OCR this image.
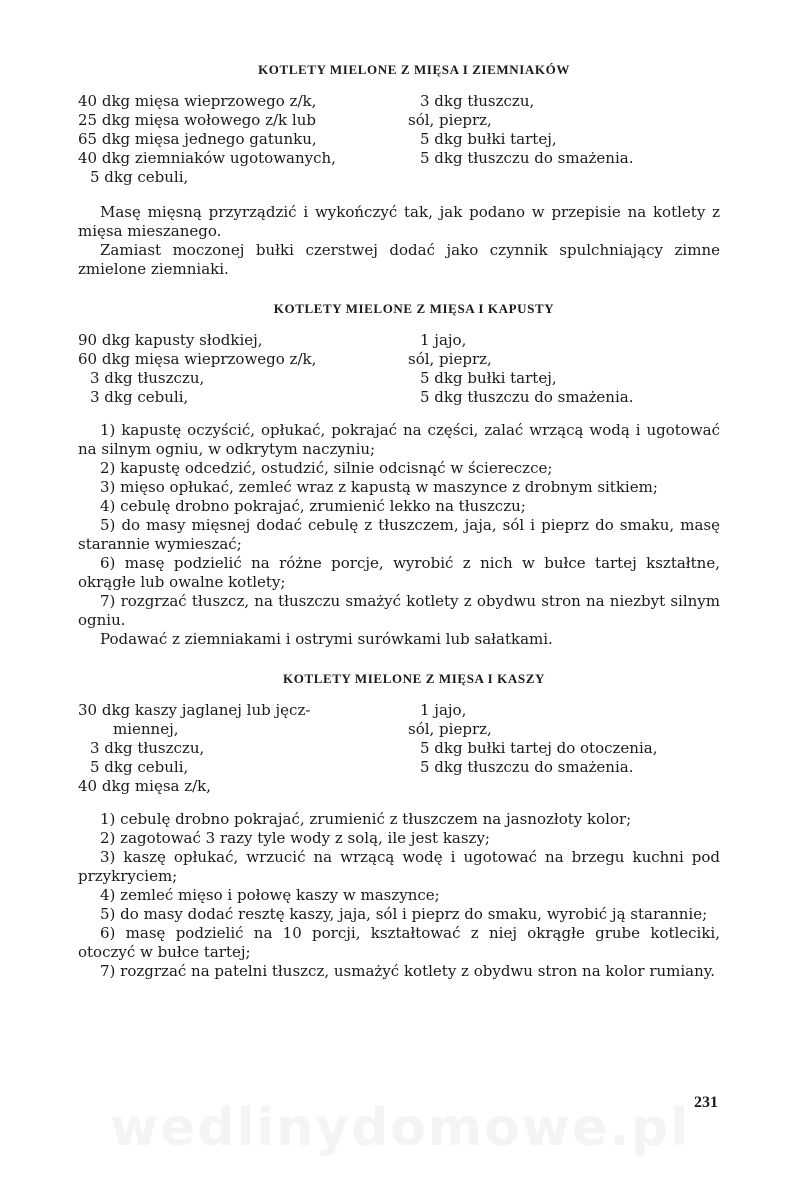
KOTLETY MIELONE Z MIĘSA I ZIEMNIAKÓW

40 dkg mięsa wieprzowego z/k,
25 dkg mięsa wołowego z/k lub
65 dkg mięsa jednego gatunku,
40 dkg ziemniaków ugotowanych,
5 dkg cebuli,
3 dkg tłuszczu,
sól, pieprz,
5 dkg bułki tartej,
5 dkg tłuszczu do smażenia.

Masę mięsną przyrządzić i wykończyć tak, jak podano w przepisie na kotlety z mięsa mieszanego.

Zamiast moczonej bułki czerstwej dodać jako czynnik spulchniający zimne zmielone ziemniaki.

KOTLETY MIELONE Z MIĘSA I KAPUSTY

90 dkg kapusty słodkiej,
60 dkg mięsa wieprzowego z/k,
3 dkg tłuszczu,
3 dkg cebuli,
1 jajo,
sól, pieprz,
5 dkg bułki tartej,
5 dkg tłuszczu do smażenia.

1) kapustę oczyścić, opłukać, pokrajać na części, zalać wrzącą wodą i ugotować na silnym ogniu, w odkrytym naczyniu;

2) kapustę odcedzić, ostudzić, silnie odcisnąć w ściereczce;

3) mięso opłukać, zemleć wraz z kapustą w maszynce z drobnym sitkiem;

4) cebulę drobno pokrajać, zrumienić lekko na tłuszczu;

5) do masy mięsnej dodać cebulę z tłuszczem, jaja, sól i pieprz do smaku, masę starannie wymieszać;

6) masę podzielić na różne porcje, wyrobić z nich w bułce tartej kształtne, okrągłe lub owalne kotlety;

7) rozgrzać tłuszcz, na tłuszczu smażyć kotlety z obydwu stron na niezbyt silnym ogniu.

Podawać z ziemniakami i ostrymi surówkami lub sałatkami.

KOTLETY MIELONE Z MIĘSA I KASZY

30 dkg kaszy jaglanej lub jęcz-
miennej,
3 dkg tłuszczu,
5 dkg cebuli,
40 dkg mięsa z/k,
1 jajo,
sól, pieprz,
5 dkg bułki tartej do otoczenia,
5 dkg tłuszczu do smażenia.

1) cebulę drobno pokrajać, zrumienić z tłuszczem na jasnozłoty kolor;

2) zagotować 3 razy tyle wody z solą, ile jest kaszy;

3) kaszę opłukać, wrzucić na wrzącą wodę i ugotować na brzegu kuchni pod przykryciem;

4) zemleć mięso i połowę kaszy w maszynce;

5) do masy dodać resztę kaszy, jaja, sól i pieprz do smaku, wyrobić ją starannie;

6) masę podzielić na 10 porcji, kształtować z niej okrągłe grube kotleciki, otoczyć w bułce tartej;

7) rozgrzać na patelni tłuszcz, usmażyć kotlety z obydwu stron na kolor rumiany.

wedlinydomowe.pl 231
